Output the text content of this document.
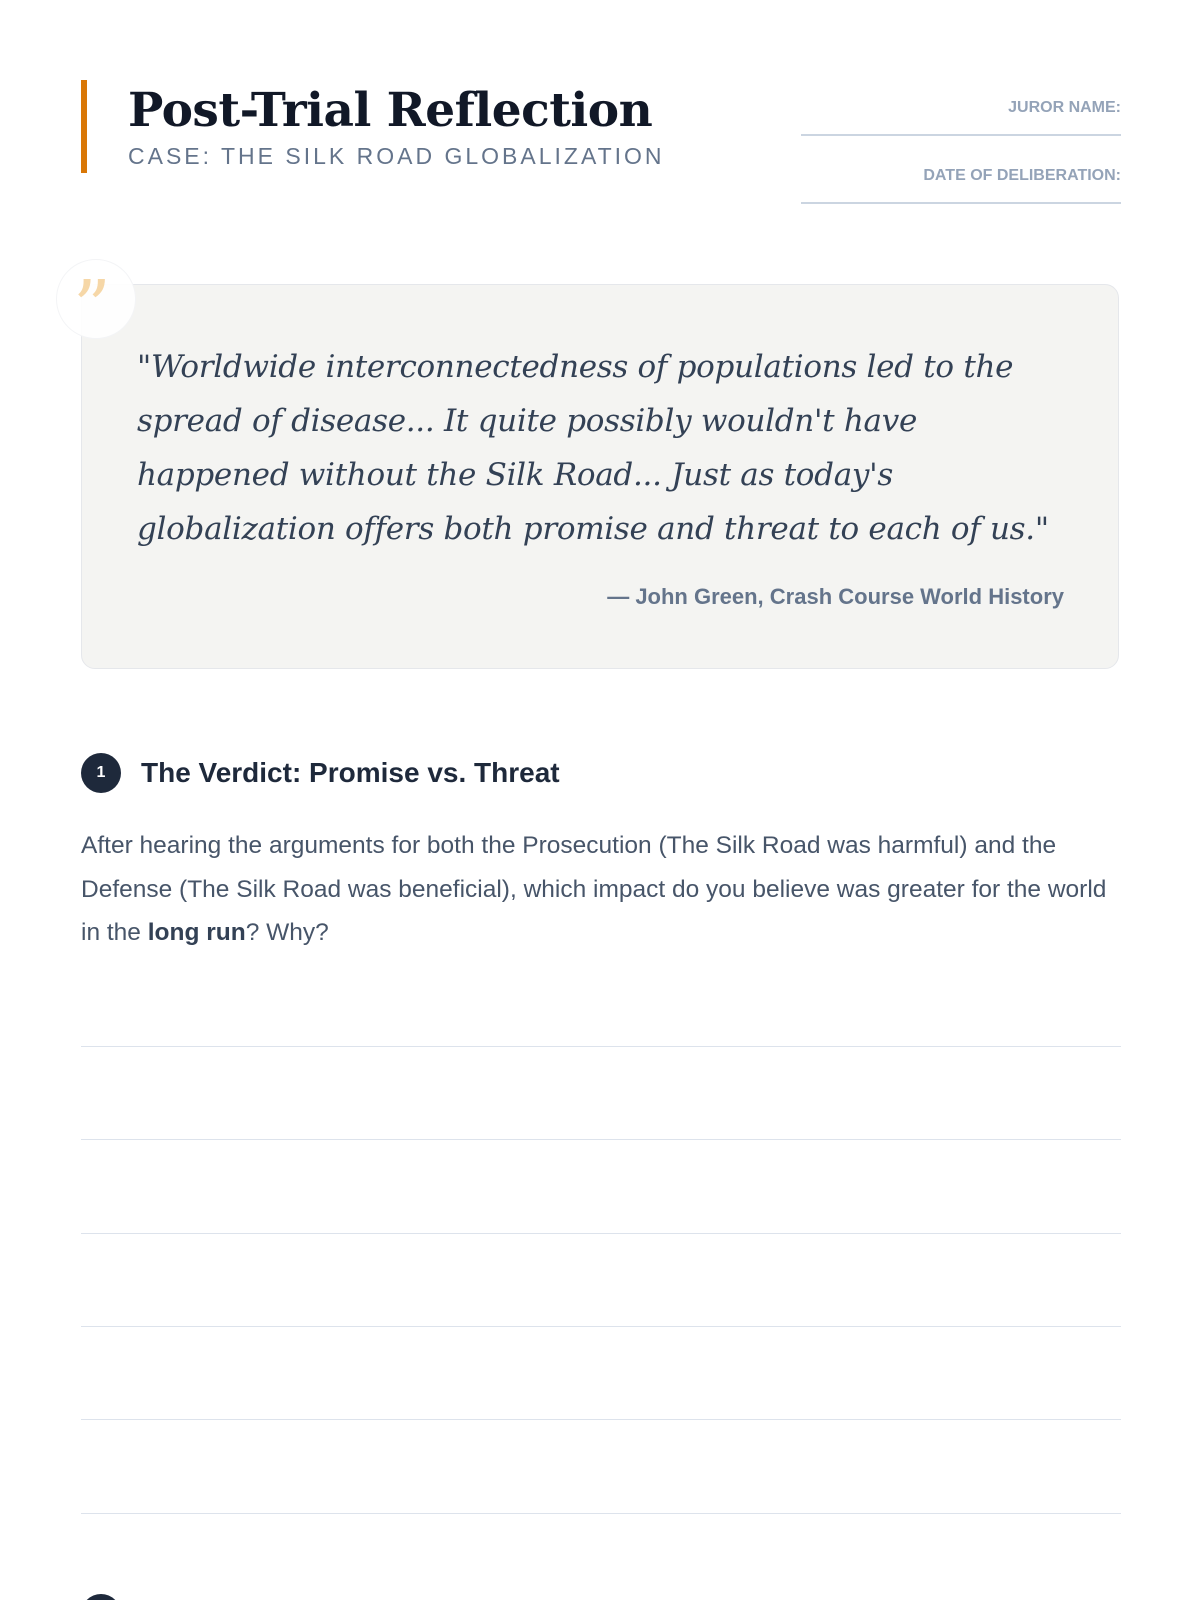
Post-Trial Reflection
CASE: THE SILK ROAD GLOBALIZATION
JUROR NAME:
DATE OF DELIBERATION:

"Worldwide interconnectedness of populations led to the spread of disease... It quite possibly wouldn't have happened without the Silk Road... Just as today's globalization offers both promise and threat to each of us."

— John Green, Crash Course World History

”
1	The Verdict: Promise vs. Threat

After hearing the arguments for both the Prosecution (The Silk Road was harmful) and the Defense (The Silk Road was beneficial), which impact do you believe was greater for the world in the long run? Why?
